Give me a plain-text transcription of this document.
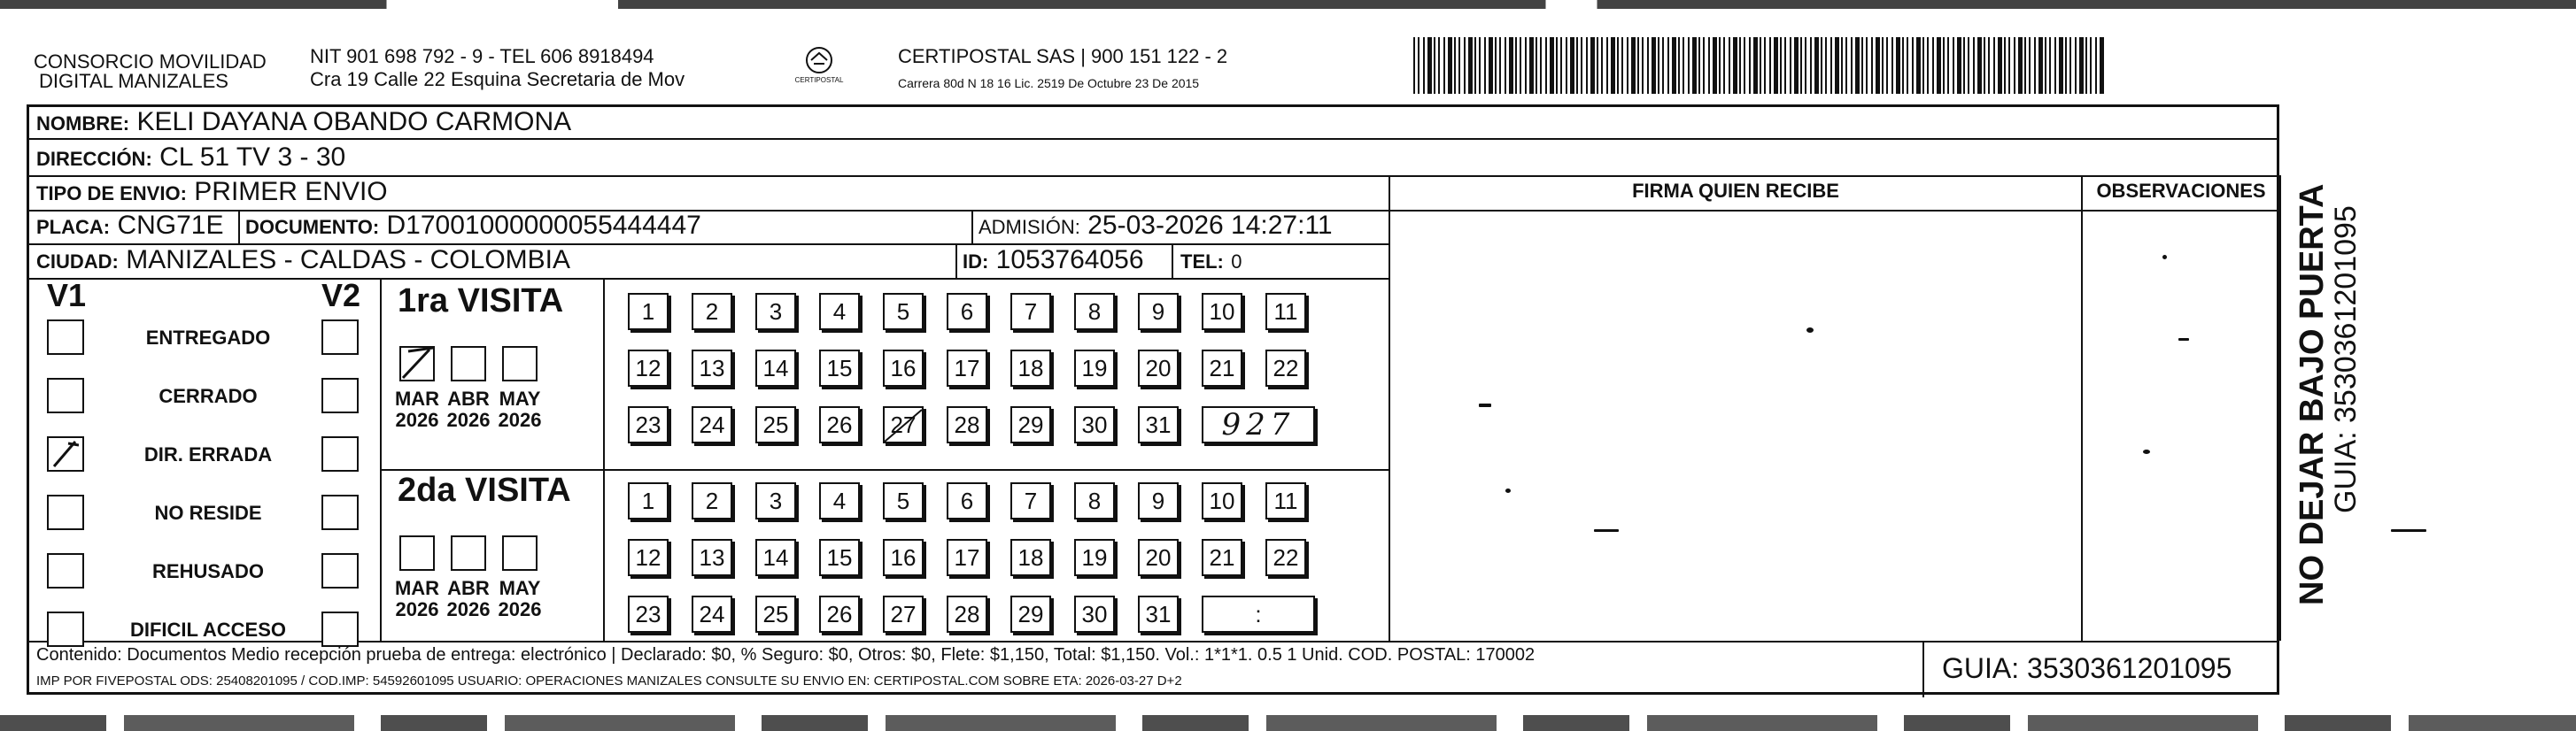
CONSORCIO MOVILIDAD
DIGITAL MANIZALES
NIT 901 698 792 - 9 - TEL 606 8918494
Cra 19 Calle 22 Esquina Secretaria de Mov	CERTIPOSTAL
CERTIPOSTAL SAS | 900 151 122 - 2
Carrera 80d N 18 16 Lic. 2519 De Octubre 23 De 2015
NOMBRE: KELI DAYANA OBANDO CARMONA
DIRECCIÓN: CL 51 TV 3 - 30
TIPO DE ENVIO: PRIMER ENVIO
PLACA: CNG71E DOCUMENTO: D17001000000055444447	ADMISIÓN: 25-03-2026 14:27:11
CIUDAD: MANIZALES - CALDAS - COLOMBIA	ID: 1053764056 TEL: 0
V1	V2
ENTREGADO
CERRADO
DIR. ERRADA
NO RESIDE
REHUSADO
DIFICIL ACCESO
1ra VISITA
MAR
2026
ABR
2026
MAY
2026
1	2	3	4	5	6	7	8	9	10	11
12	13	14	15	16	17	18	19	20	21	22
23	24	25	26	27	28	29	30	31	927
2da VISITA
MAR
2026
ABR
2026
MAY
2026
1	2	3	4	5	6	7	8	9	10	11
12	13	14	15	16	17	18	19	20	21	22
23	24	25	26	27	28	29	30	31	:
FIRMA QUIEN RECIBE	OBSERVACIONES
Contenido: Documentos Medio recepción prueba de entrega: electrónico | Declarado: $0, % Seguro: $0, Otros: $0, Flete: $1,150, Total: $1,150. Vol.: 1*1*1. 0.5 1 Unid. COD. POSTAL: 170002
IMP POR FIVEPOSTAL ODS: 25408201095 / COD.IMP: 54592601095 USUARIO: OPERACIONES MANIZALES CONSULTE SU ENVIO EN: CERTIPOSTAL.COM SOBRE ETA: 2026-03-27 D+2	GUIA: 3530361201095
NO DEJAR BAJO PUERTA
GUIA: 3530361201095
